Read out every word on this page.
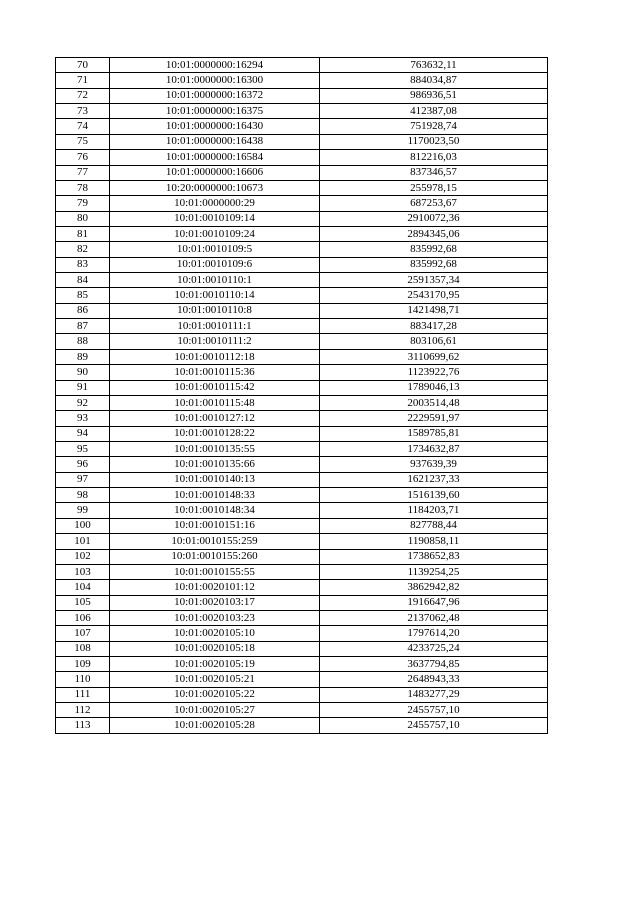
70	10:01:0000000:16294	763632,11
71	10:01:0000000:16300	884034,87
72	10:01:0000000:16372	986936,51
73	10:01:0000000:16375	412387,08
74	10:01:0000000:16430	751928,74
75	10:01:0000000:16438	1170023,50
76	10:01:0000000:16584	812216,03
77	10:01:0000000:16606	837346,57
78	10:20:0000000:10673	255978,15
79	10:01:0000000:29	687253,67
80	10:01:0010109:14	2910072,36
81	10:01:0010109:24	2894345,06
82	10:01:0010109:5	835992,68
83	10:01:0010109:6	835992,68
84	10:01:0010110:1	2591357,34
85	10:01:0010110:14	2543170,95
86	10:01:0010110:8	1421498,71
87	10:01:0010111:1	883417,28
88	10:01:0010111:2	803106,61
89	10:01:0010112:18	3110699,62
90	10:01:0010115:36	1123922,76
91	10:01:0010115:42	1789046,13
92	10:01:0010115:48	2003514,48
93	10:01:0010127:12	2229591,97
94	10:01:0010128:22	1589785,81
95	10:01:0010135:55	1734632,87
96	10:01:0010135:66	937639,39
97	10:01:0010140:13	1621237,33
98	10:01:0010148:33	1516139,60
99	10:01:0010148:34	1184203,71
100	10:01:0010151:16	827788,44
101	10:01:0010155:259	1190858,11
102	10:01:0010155:260	1738652,83
103	10:01:0010155:55	1139254,25
104	10:01:0020101:12	3862942,82
105	10:01:0020103:17	1916647,96
106	10:01:0020103:23	2137062,48
107	10:01:0020105:10	1797614,20
108	10:01:0020105:18	4233725,24
109	10:01:0020105:19	3637794,85
110	10:01:0020105:21	2648943,33
111	10:01:0020105:22	1483277,29
112	10:01:0020105:27	2455757,10
113	10:01:0020105:28	2455757,10
